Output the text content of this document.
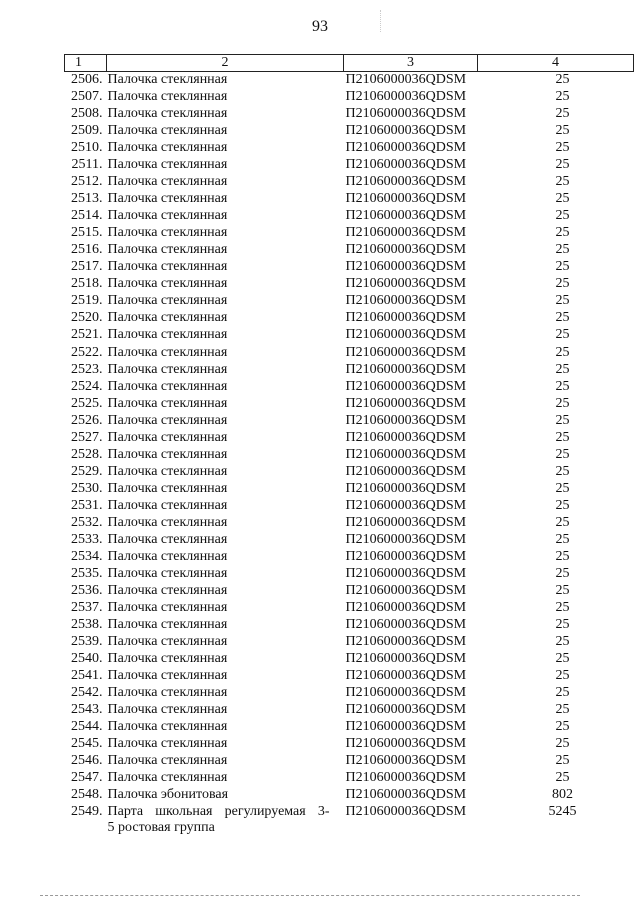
93
1	2	3	4
2506.	Палочка стеклянная	П2106000036QDSM	25
2507.	Палочка стеклянная	П2106000036QDSM	25
2508.	Палочка стеклянная	П2106000036QDSM	25
2509.	Палочка стеклянная	П2106000036QDSM	25
2510.	Палочка стеклянная	П2106000036QDSM	25
2511.	Палочка стеклянная	П2106000036QDSM	25
2512.	Палочка стеклянная	П2106000036QDSM	25
2513.	Палочка стеклянная	П2106000036QDSM	25
2514.	Палочка стеклянная	П2106000036QDSM	25
2515.	Палочка стеклянная	П2106000036QDSM	25
2516.	Палочка стеклянная	П2106000036QDSM	25
2517.	Палочка стеклянная	П2106000036QDSM	25
2518.	Палочка стеклянная	П2106000036QDSM	25
2519.	Палочка стеклянная	П2106000036QDSM	25
2520.	Палочка стеклянная	П2106000036QDSM	25
2521.	Палочка стеклянная	П2106000036QDSM	25
2522.	Палочка стеклянная	П2106000036QDSM	25
2523.	Палочка стеклянная	П2106000036QDSM	25
2524.	Палочка стеклянная	П2106000036QDSM	25
2525.	Палочка стеклянная	П2106000036QDSM	25
2526.	Палочка стеклянная	П2106000036QDSM	25
2527.	Палочка стеклянная	П2106000036QDSM	25
2528.	Палочка стеклянная	П2106000036QDSM	25
2529.	Палочка стеклянная	П2106000036QDSM	25
2530.	Палочка стеклянная	П2106000036QDSM	25
2531.	Палочка стеклянная	П2106000036QDSM	25
2532.	Палочка стеклянная	П2106000036QDSM	25
2533.	Палочка стеклянная	П2106000036QDSM	25
2534.	Палочка стеклянная	П2106000036QDSM	25
2535.	Палочка стеклянная	П2106000036QDSM	25
2536.	Палочка стеклянная	П2106000036QDSM	25
2537.	Палочка стеклянная	П2106000036QDSM	25
2538.	Палочка стеклянная	П2106000036QDSM	25
2539.	Палочка стеклянная	П2106000036QDSM	25
2540.	Палочка стеклянная	П2106000036QDSM	25
2541.	Палочка стеклянная	П2106000036QDSM	25
2542.	Палочка стеклянная	П2106000036QDSM	25
2543.	Палочка стеклянная	П2106000036QDSM	25
2544.	Палочка стеклянная	П2106000036QDSM	25
2545.	Палочка стеклянная	П2106000036QDSM	25
2546.	Палочка стеклянная	П2106000036QDSM	25
2547.	Палочка стеклянная	П2106000036QDSM	25
2548.	Палочка эбонитовая	П2106000036QDSM	802
2549.	Парта школьная регулируемая 3-
5 ростовая группа	П2106000036QDSM	5245
